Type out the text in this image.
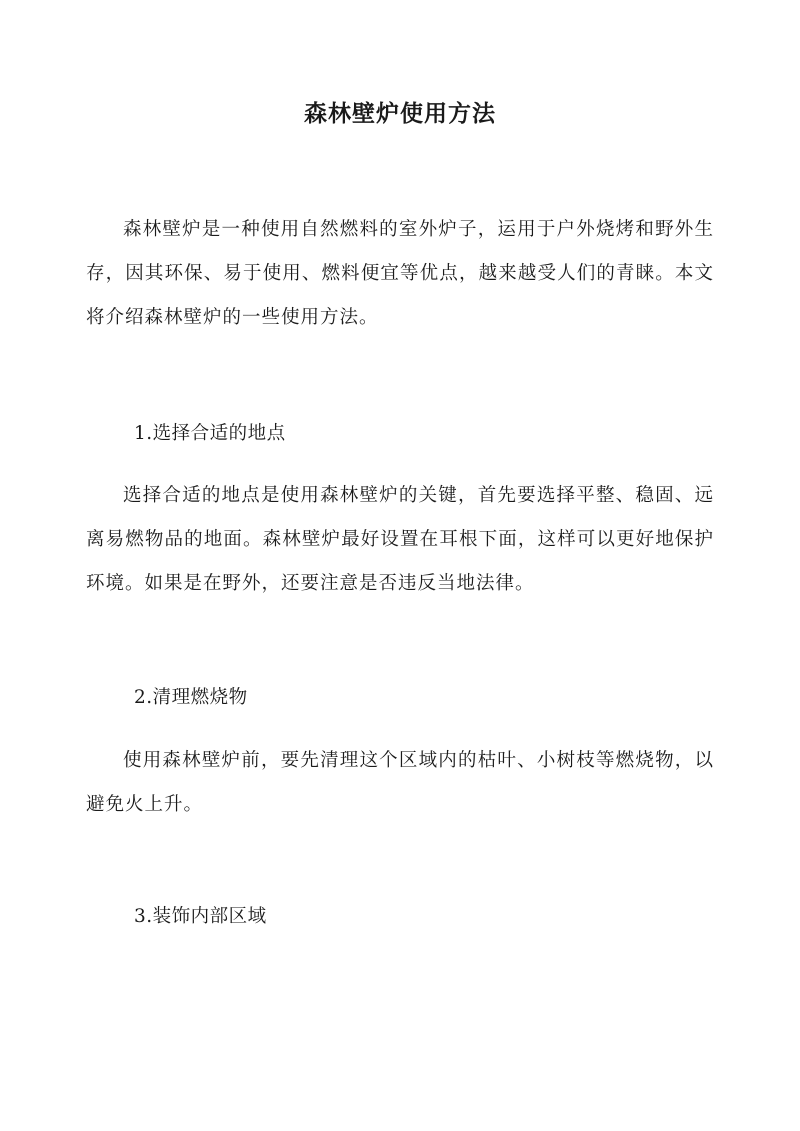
森林壁炉使用方法

森林壁炉是一种使用自然燃料的室外炉子，运用于户外烧烤和野外生存，因其环保、易于使用、燃料便宜等优点，越来越受人们的青睐。本文将介绍森林壁炉的一些使用方法。

1.选择合适的地点

选择合适的地点是使用森林壁炉的关键，首先要选择平整、稳固、远离易燃物品的地面。森林壁炉最好设置在耳根下面，这样可以更好地保护环境。如果是在野外，还要注意是否违反当地法律。

2.清理燃烧物

使用森林壁炉前，要先清理这个区域内的枯叶、小树枝等燃烧物，以避免火上升。

3.装饰内部区域
